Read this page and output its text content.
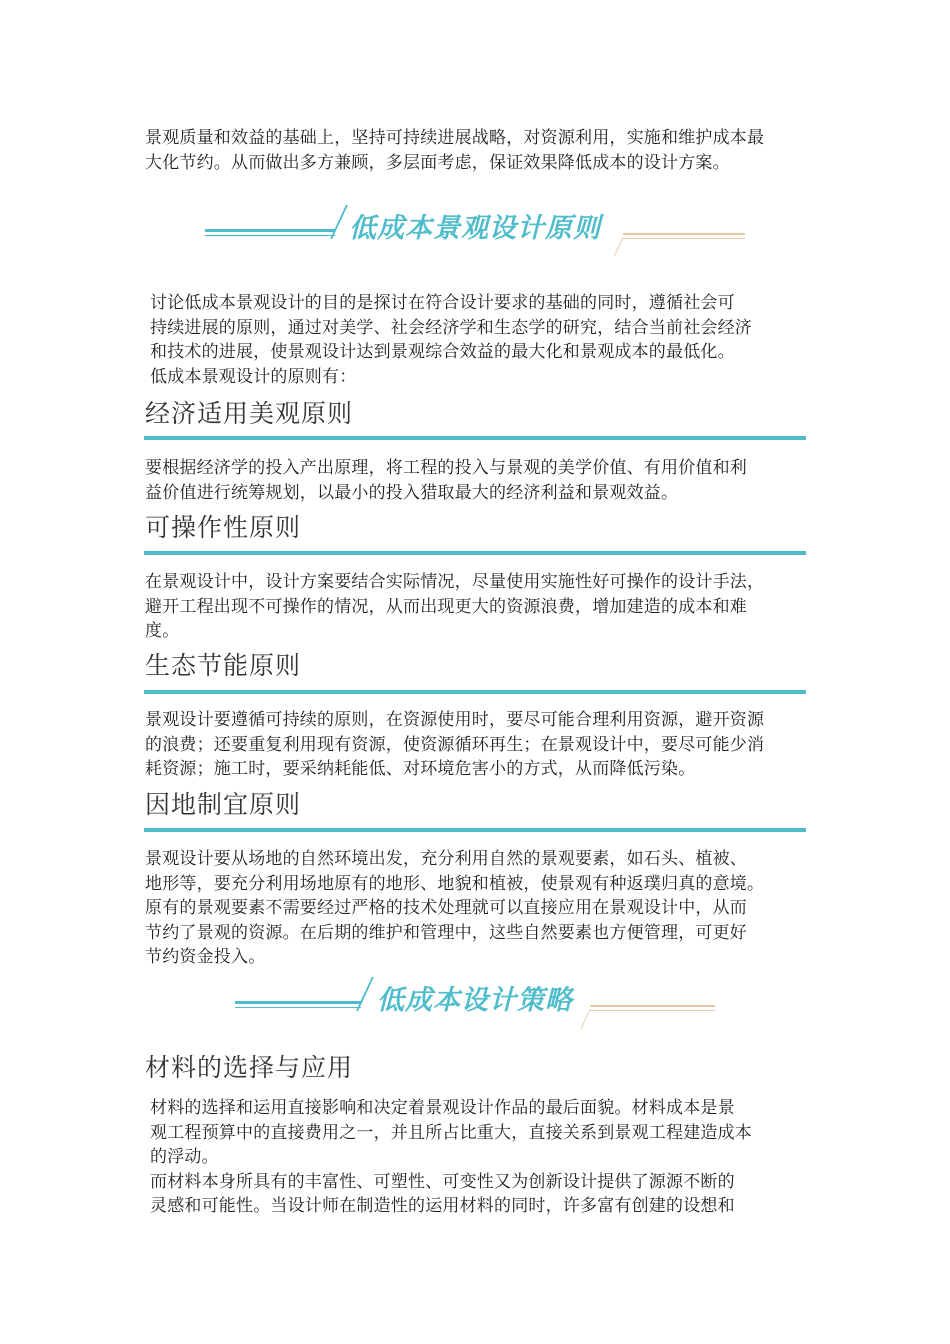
景观质量和效益的基础上，坚持可持续进展战略，对资源利用，实施和维护成本最
大化节约。从而做出多方兼顾，多层面考虑，保证效果降低成本的设计方案。
低成本景观设计原则
讨论低成本景观设计的目的是探讨在符合设计要求的基础的同时，遵循社会可
持续进展的原则，通过对美学、社会经济学和生态学的研究，结合当前社会经济
和技术的进展，使景观设计达到景观综合效益的最大化和景观成本的最低化。
低成本景观设计的原则有：
经济适用美观原则
要根据经济学的投入产出原理，将工程的投入与景观的美学价值、有用价值和利
益价值进行统筹规划，以最小的投入猎取最大的经济利益和景观效益。
可操作性原则
在景观设计中，设计方案要结合实际情况，尽量使用实施性好可操作的设计手法，
避开工程出现不可操作的情况，从而出现更大的资源浪费，增加建造的成本和难
度。
生态节能原则
景观设计要遵循可持续的原则，在资源使用时，要尽可能合理利用资源，避开资源
的浪费；还要重复利用现有资源，使资源循环再生；在景观设计中，要尽可能少消
耗资源；施工时，要采纳耗能低、对环境危害小的方式，从而降低污染。
因地制宜原则
景观设计要从场地的自然环境出发，充分利用自然的景观要素，如石头、植被、
地形等，要充分利用场地原有的地形、地貌和植被，使景观有种返璞归真的意境。
原有的景观要素不需要经过严格的技术处理就可以直接应用在景观设计中，从而
节约了景观的资源。在后期的维护和管理中，这些自然要素也方便管理，可更好
节约资金投入。
低成本设计策略
材料的选择与应用
材料的选择和运用直接影响和决定着景观设计作品的最后面貌。材料成本是景
观工程预算中的直接费用之一，并且所占比重大，直接关系到景观工程建造成本
的浮动。
而材料本身所具有的丰富性、可塑性、可变性又为创新设计提供了源源不断的
灵感和可能性。当设计师在制造性的运用材料的同时，许多富有创建的设想和
